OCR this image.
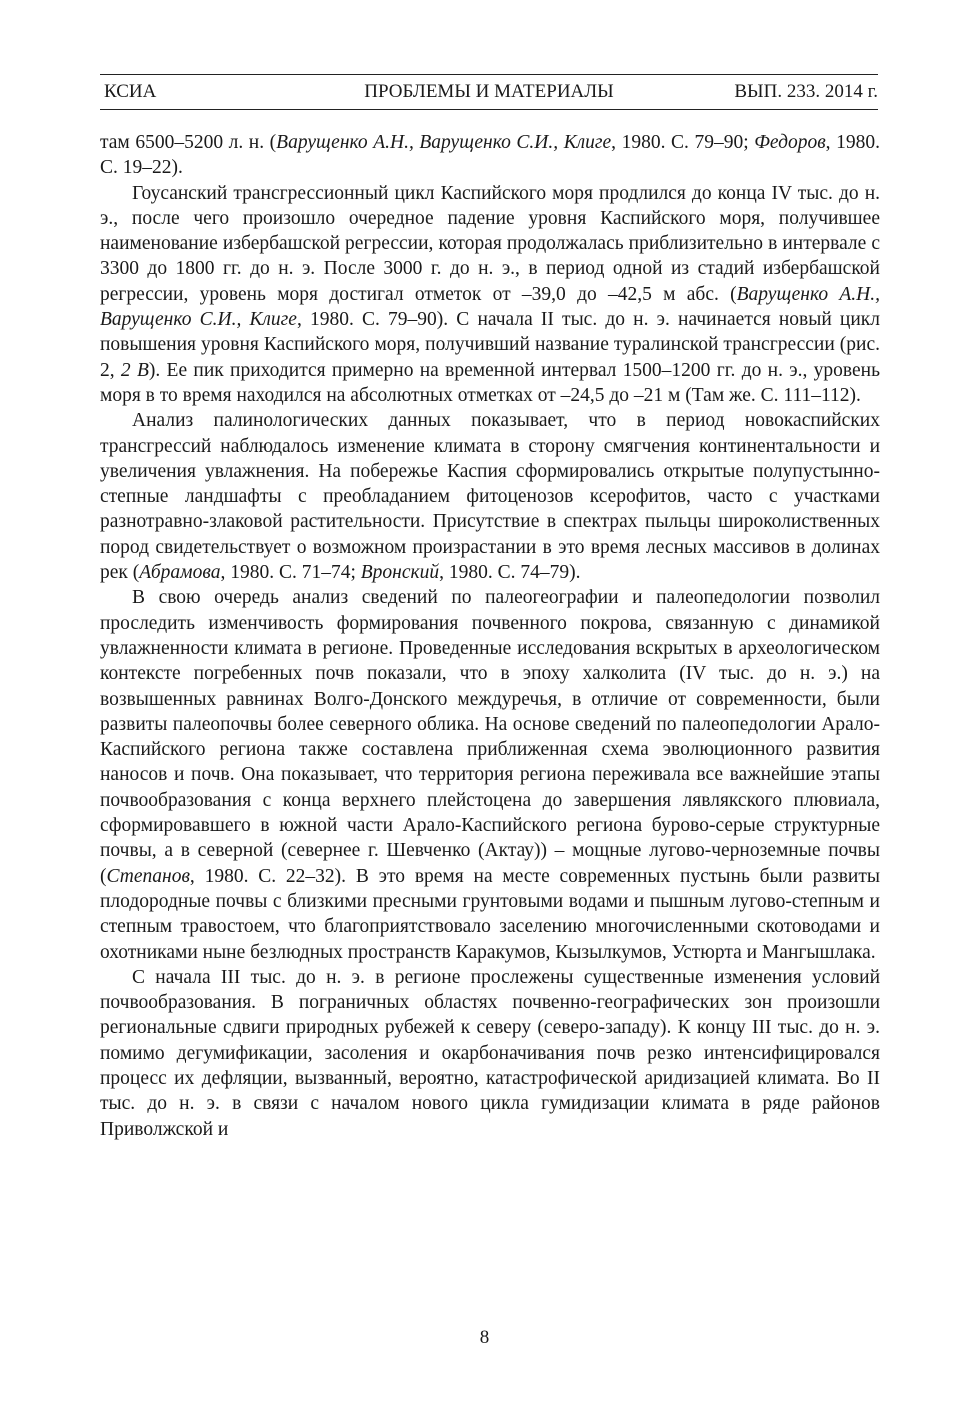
КСИА	ПРОБЛЕМЫ И МАТЕРИАЛЫ	ВЫП. 233. 2014 г.

там 6500–5200 л. н. (Варущенко А.Н., Варущенко С.И., Клиге, 1980. С. 79–90; Федоров, 1980. С. 19–22).

Гоусанский трансгрессионный цикл Каспийского моря продлился до конца IV тыс. до н. э., после чего произошло очередное падение уровня Каспийского моря, получившее наименование избербашской регрессии, которая продолжалась приблизительно в интервале с 3300 до 1800 гг. до н. э. После 3000 г. до н. э., в период одной из стадий избербашской регрессии, уровень моря достигал отметок от –39,0 до –42,5 м абс. (Варущенко А.Н., Варущенко С.И., Клиге, 1980. С. 79–90). С начала II тыс. до н. э. начинается новый цикл повышения уровня Каспийского моря, получивший название туралинской трансгрессии (рис. 2, 2 В). Ее пик приходится примерно на временной интервал 1500–1200 гг. до н. э., уровень моря в то время находился на абсолютных отметках от –24,5 до –21 м (Там же. С. 111–112).

Анализ палинологических данных показывает, что в период новокаспийских трансгрессий наблюдалось изменение климата в сторону смягчения континентальности и увеличения увлажнения. На побережье Каспия сформировались открытые полупустынно-степные ландшафты с преобладанием фитоценозов ксерофитов, часто с участками разнотравно-злаковой растительности. Присутствие в спектрах пыльцы широколиственных пород свидетельствует о возможном произрастании в это время лесных массивов в долинах рек (Абрамова, 1980. С. 71–74; Вронский, 1980. С. 74–79).

В свою очередь анализ сведений по палеогеографии и палеопедологии позволил проследить изменчивость формирования почвенного покрова, связанную с динамикой увлажненности климата в регионе. Проведенные исследования вскрытых в археологическом контексте погребенных почв показали, что в эпоху халколита (IV тыс. до н. э.) на возвышенных равнинах Волго-Донского междуречья, в отличие от современности, были развиты палеопочвы более северного облика. На основе сведений по палеопедологии Арало-Каспийского региона также составлена приближенная схема эволюционного развития наносов и почв. Она показывает, что территория региона переживала все важнейшие этапы почвообразования с конца верхнего плейстоцена до завершения лявлякского плювиала, сформировавшего в южной части Арало-Каспийского региона бурово-серые структурные почвы, а в северной (севернее г. Шевченко (Актау)) – мощные лугово-черноземные почвы (Степанов, 1980. С. 22–32). В это время на месте современных пустынь были развиты плодородные почвы с близкими пресными грунтовыми водами и пышным лугово-степным и степным травостоем, что благоприятствовало заселению многочисленными скотоводами и охотниками ныне безлюдных пространств Каракумов, Кызылкумов, Устюрта и Мангышлака.

С начала III тыс. до н. э. в регионе прослежены существенные изменения условий почвообразования. В пограничных областях почвенно-географических зон произошли региональные сдвиги природных рубежей к северу (северо-западу). К концу III тыс. до н. э. помимо дегумификации, засоления и окарбоначивания почв резко интенсифицировался процесс их дефляции, вызванный, вероятно, катастрофической аридизацией климата. Во II тыс. до н. э. в связи с началом нового цикла гумидизации климата в ряде районов Приволжской и

8
